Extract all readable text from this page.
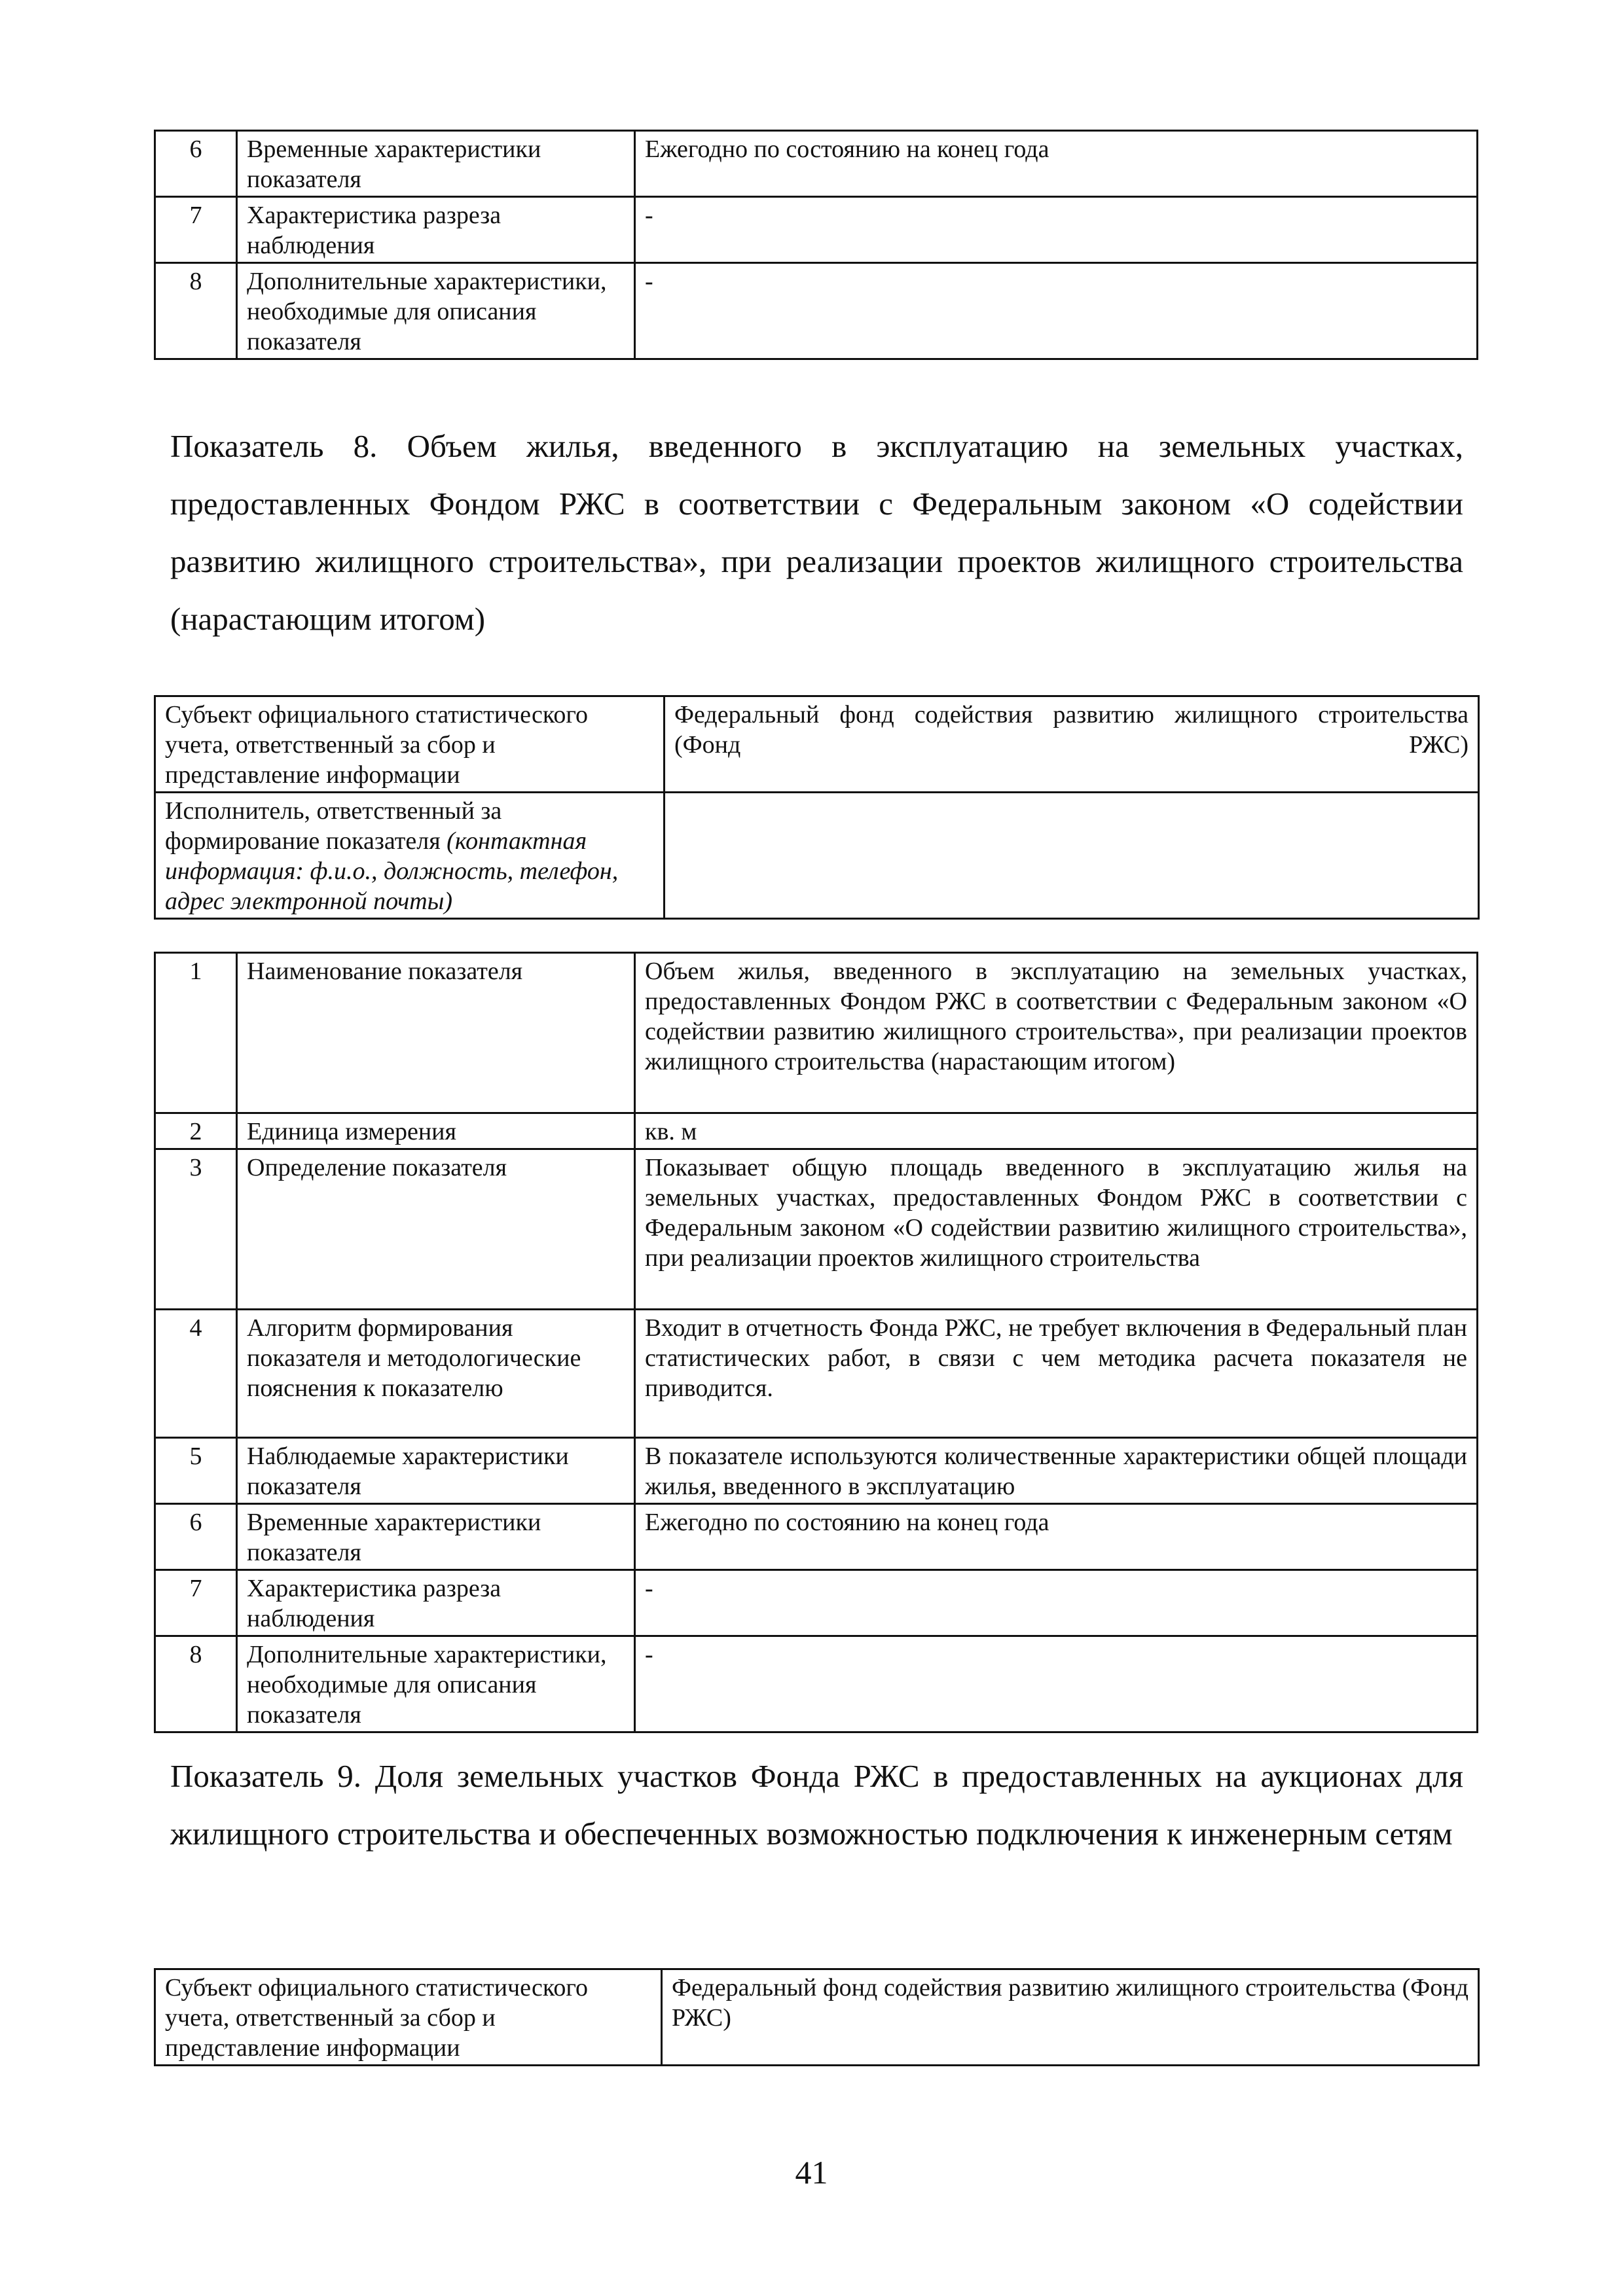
6	Временные характеристики показателя	Ежегодно по состоянию на конец года
7	Характеристика разреза наблюдения	-
8	Дополнительные характеристики, необходимые для описания показателя	-

Показатель 8. Объем жилья, введенного в эксплуатацию на земельных участках, предоставленных Фондом РЖС в соответствии с Федеральным законом «О содействии развитию жилищного строительства», при реализации проектов жилищного строительства (нарастающим итогом)

Субъект официального статистического учета, ответственный за сбор и представление информации	Федеральный фонд содействия развитию жилищного строительства (Фонд РЖС)
Исполнитель, ответственный за формирование показателя (контактная информация: ф.и.о., должность, телефон, адрес электронной почты)	
1	Наименование показателя	Объем жилья, введенного в эксплуатацию на земельных участках, предоставленных Фондом РЖС в соответствии с Федеральным законом «О содействии развитию жилищного строительства», при реализации проектов жилищного строительства (нарастающим итогом)
2	Единица измерения	кв. м
3	Определение показателя	Показывает общую площадь введенного в эксплуатацию жилья на земельных участках, предоставленных Фондом РЖС в соответствии с Федеральным законом «О содействии развитию жилищного строительства», при реализации проектов жилищного строительства
4	Алгоритм формирования показателя и методологические пояснения к показателю	Входит в отчетность Фонда РЖС, не требует включения в Федеральный план статистических работ, в связи с чем методика расчета показателя не приводится.
5	Наблюдаемые характеристики показателя	В показателе используются количественные характеристики общей площади жилья, введенного в эксплуатацию
6	Временные характеристики показателя	Ежегодно по состоянию на конец года
7	Характеристика разреза наблюдения	-
8	Дополнительные характеристики, необходимые для описания показателя	-

Показатель 9. Доля земельных участков Фонда РЖС в предоставленных на аукционах для жилищного строительства и обеспеченных возможностью подключения к инженерным сетям

Субъект официального статистического учета, ответственный за сбор и представление информации	Федеральный фонд содействия развитию жилищного строительства (Фонд РЖС)
41
